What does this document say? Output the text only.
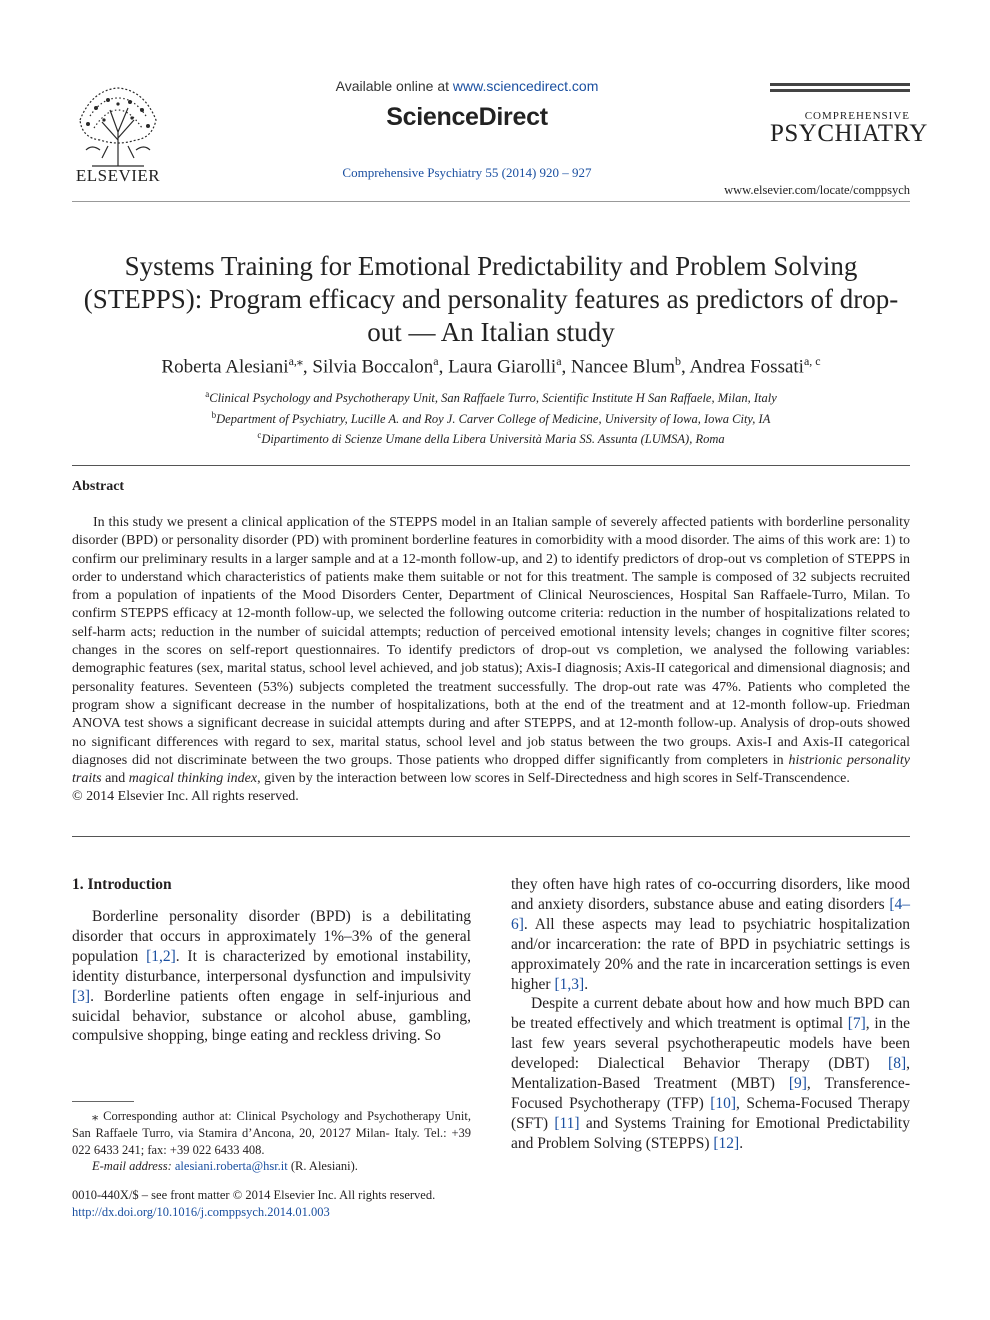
ELSEVIER
Available online at www.sciencedirect.com
ScienceDirect
Comprehensive Psychiatry 55 (2014) 920 – 927
COMPREHENSIVE
PSYCHIATRY
www.elsevier.com/locate/comppsych
Systems Training for Emotional Predictability and Problem Solving (STEPPS): Program efficacy and personality features as predictors of drop-out — An Italian study
Roberta Alesiani$^{a,⁎}$, Silvia Boccalon$^a$, Laura Giarolli$^a$, Nancee Blum$^b$, Andrea Fossati$^{a, c}$
$^a$Clinical Psychology and Psychotherapy Unit, San Raffaele Turro, Scientific Institute H San Raffaele, Milan, Italy
$^b$Department of Psychiatry, Lucille A. and Roy J. Carver College of Medicine, University of Iowa, Iowa City, IA
$^c$Dipartimento di Scienze Umane della Libera Università Maria SS. Assunta (LUMSA), Roma
Abstract

In this study we present a clinical application of the STEPPS model in an Italian sample of severely affected patients with borderline personality disorder (BPD) or personality disorder (PD) with prominent borderline features in comorbidity with a mood disorder. The aims of this work are: 1) to confirm our preliminary results in a larger sample and at a 12-month follow-up, and 2) to identify predictors of drop-out vs completion of STEPPS in order to understand which characteristics of patients make them suitable or not for this treatment. The sample is composed of 32 subjects recruited from a population of inpatients of the Mood Disorders Center, Department of Clinical Neurosciences, Hospital San Raffaele-Turro, Milan. To confirm STEPPS efficacy at 12-month follow-up, we selected the following outcome criteria: reduction in the number of hospitalizations related to self-harm acts; reduction in the number of suicidal attempts; reduction of perceived emotional intensity levels; changes in cognitive filter scores; changes in the scores on self-report questionnaires. To identify predictors of drop-out vs completion, we analysed the following variables: demographic features (sex, marital status, school level achieved, and job status); Axis-I diagnosis; Axis-II categorical and dimensional diagnosis; and personality features. Seventeen (53%) subjects completed the treatment successfully. The drop-out rate was 47%. Patients who completed the program show a significant decrease in the number of hospitalizations, both at the end of the treatment and at 12-month follow-up. Friedman ANOVA test shows a significant decrease in suicidal attempts during and after STEPPS, and at 12-month follow-up. Analysis of drop-outs showed no significant differences with regard to sex, marital status, school level and job status between the two groups. Axis-I and Axis-II categorical diagnoses did not discriminate between the two groups. Those patients who dropped differ significantly from completers in histrionic personality traits and magical thinking index, given by the interaction between low scores in Self-Directedness and high scores in Self-Transcendence.

© 2014 Elsevier Inc. All rights reserved.

1. Introduction

Borderline personality disorder (BPD) is a debilitating disorder that occurs in approximately 1%–3% of the general population [1,2]. It is characterized by emotional instability, identity disturbance, interpersonal dysfunction and impulsivity [3]. Borderline patients often engage in self-injurious and suicidal behavior, substance or alcohol abuse, gambling, compulsive shopping, binge eating and reckless driving. So

they often have high rates of co-occurring disorders, like mood and anxiety disorders, substance abuse and eating disorders [4–6]. All these aspects may lead to psychiatric hospitalization and/or incarceration: the rate of BPD in psychiatric settings is approximately 20% and the rate in incarceration settings is even higher [1,3].

Despite a current debate about how and how much BPD can be treated effectively and which treatment is optimal [7], in the last few years several psychotherapeutic models have been developed: Dialectical Behavior Therapy (DBT) [8], Mentalization-Based Treatment (MBT) [9], Transference-Focused Psychotherapy (TFP) [10], Schema-Focused Therapy (SFT) [11] and Systems Training for Emotional Predictability and Problem Solving (STEPPS) [12].

⁎ Corresponding author at: Clinical Psychology and Psychotherapy Unit, San Raffaele Turro, via Stamira d’Ancona, 20, 20127 Milan- Italy. Tel.: +39 022 6433 241; fax: +39 022 6433 408.

E-mail address: alesiani.roberta@hsr.it (R. Alesiani).

0010-440X/$ – see front matter © 2014 Elsevier Inc. All rights reserved.
http://dx.doi.org/10.1016/j.comppsych.2014.01.003
